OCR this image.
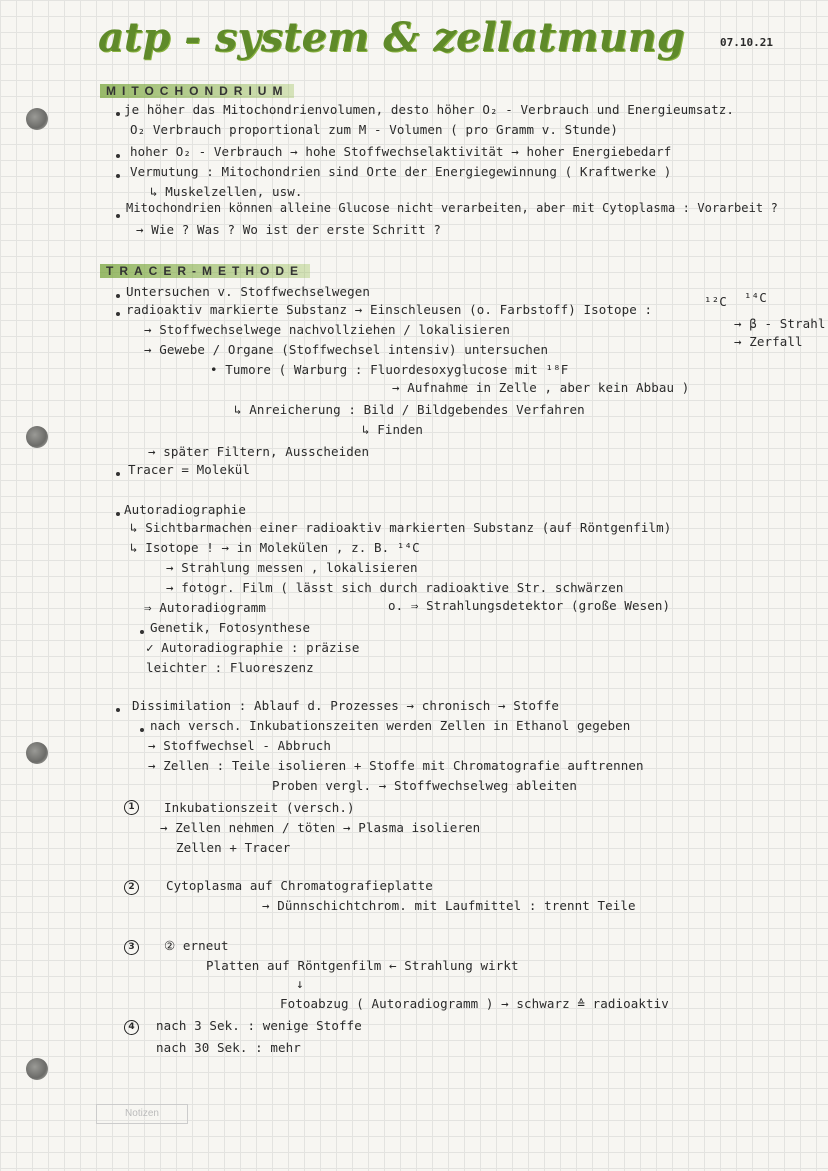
atp - system & zellatmung	07.10.21
MITOCHONDRIUM
je höher das Mitochondrienvolumen, desto höher O₂ - Verbrauch und Energieumsatz.
O₂ Verbrauch proportional zum M - Volumen ( pro Gramm v. Stunde)
hoher O₂ - Verbrauch → hohe Stoffwechselaktivität → hoher Energiebedarf
Vermutung : Mitochondrien sind Orte der Energiegewinnung ( Kraftwerke )
↳ Muskelzellen, usw.
Mitochondrien können alleine Glucose nicht verarbeiten, aber mit Cytoplasma : Vorarbeit ?
→ Wie ? Was ? Wo ist der erste Schritt ?
TRACER-METHODE
Untersuchen v. Stoffwechselwegen
radioaktiv markierte Substanz → Einschleusen (o. Farbstoff) Isotope :
¹²C ¹⁴C
→ β - Strahl
→ Zerfall
→ Stoffwechselwege nachvollziehen / lokalisieren
→ Gewebe / Organe (Stoffwechsel intensiv) untersuchen
• Tumore ( Warburg : Fluordesoxyglucose mit ¹⁸F
→ Aufnahme in Zelle , aber kein Abbau )
↳ Anreicherung : Bild / Bildgebendes Verfahren
↳ Finden
→ später Filtern, Ausscheiden
Tracer = Molekül
Autoradiographie
↳ Sichtbarmachen einer radioaktiv markierten Substanz (auf Röntgenfilm)
↳ Isotope ! → in Molekülen , z. B. ¹⁴C
→ Strahlung messen , lokalisieren
→ fotogr. Film ( lässt sich durch radioaktive Str. schwärzen
⇒ Autoradiogramm	o. ⇒ Strahlungsdetektor (große Wesen)
Genetik, Fotosynthese
✓ Autoradiographie : präzise
leichter : Fluoreszenz
Dissimilation : Ablauf d. Prozesses → chronisch → Stoffe
nach versch. Inkubationszeiten werden Zellen in Ethanol gegeben
→ Stoffwechsel - Abbruch
→ Zellen : Teile isolieren + Stoffe mit Chromatografie auftrennen
Proben vergl. → Stoffwechselweg ableiten
1	Inkubationszeit (versch.)
→ Zellen nehmen / töten → Plasma isolieren
Zellen + Tracer
2	Cytoplasma auf Chromatografieplatte
→ Dünnschichtchrom. mit Laufmittel : trennt Teile
3	② erneut
Platten auf Röntgenfilm ← Strahlung wirkt
↓
Fotoabzug ( Autoradiogramm ) → schwarz ≙ radioaktiv
4	nach 3 Sek. : wenige Stoffe
nach 30 Sek. : mehr
Notizen
